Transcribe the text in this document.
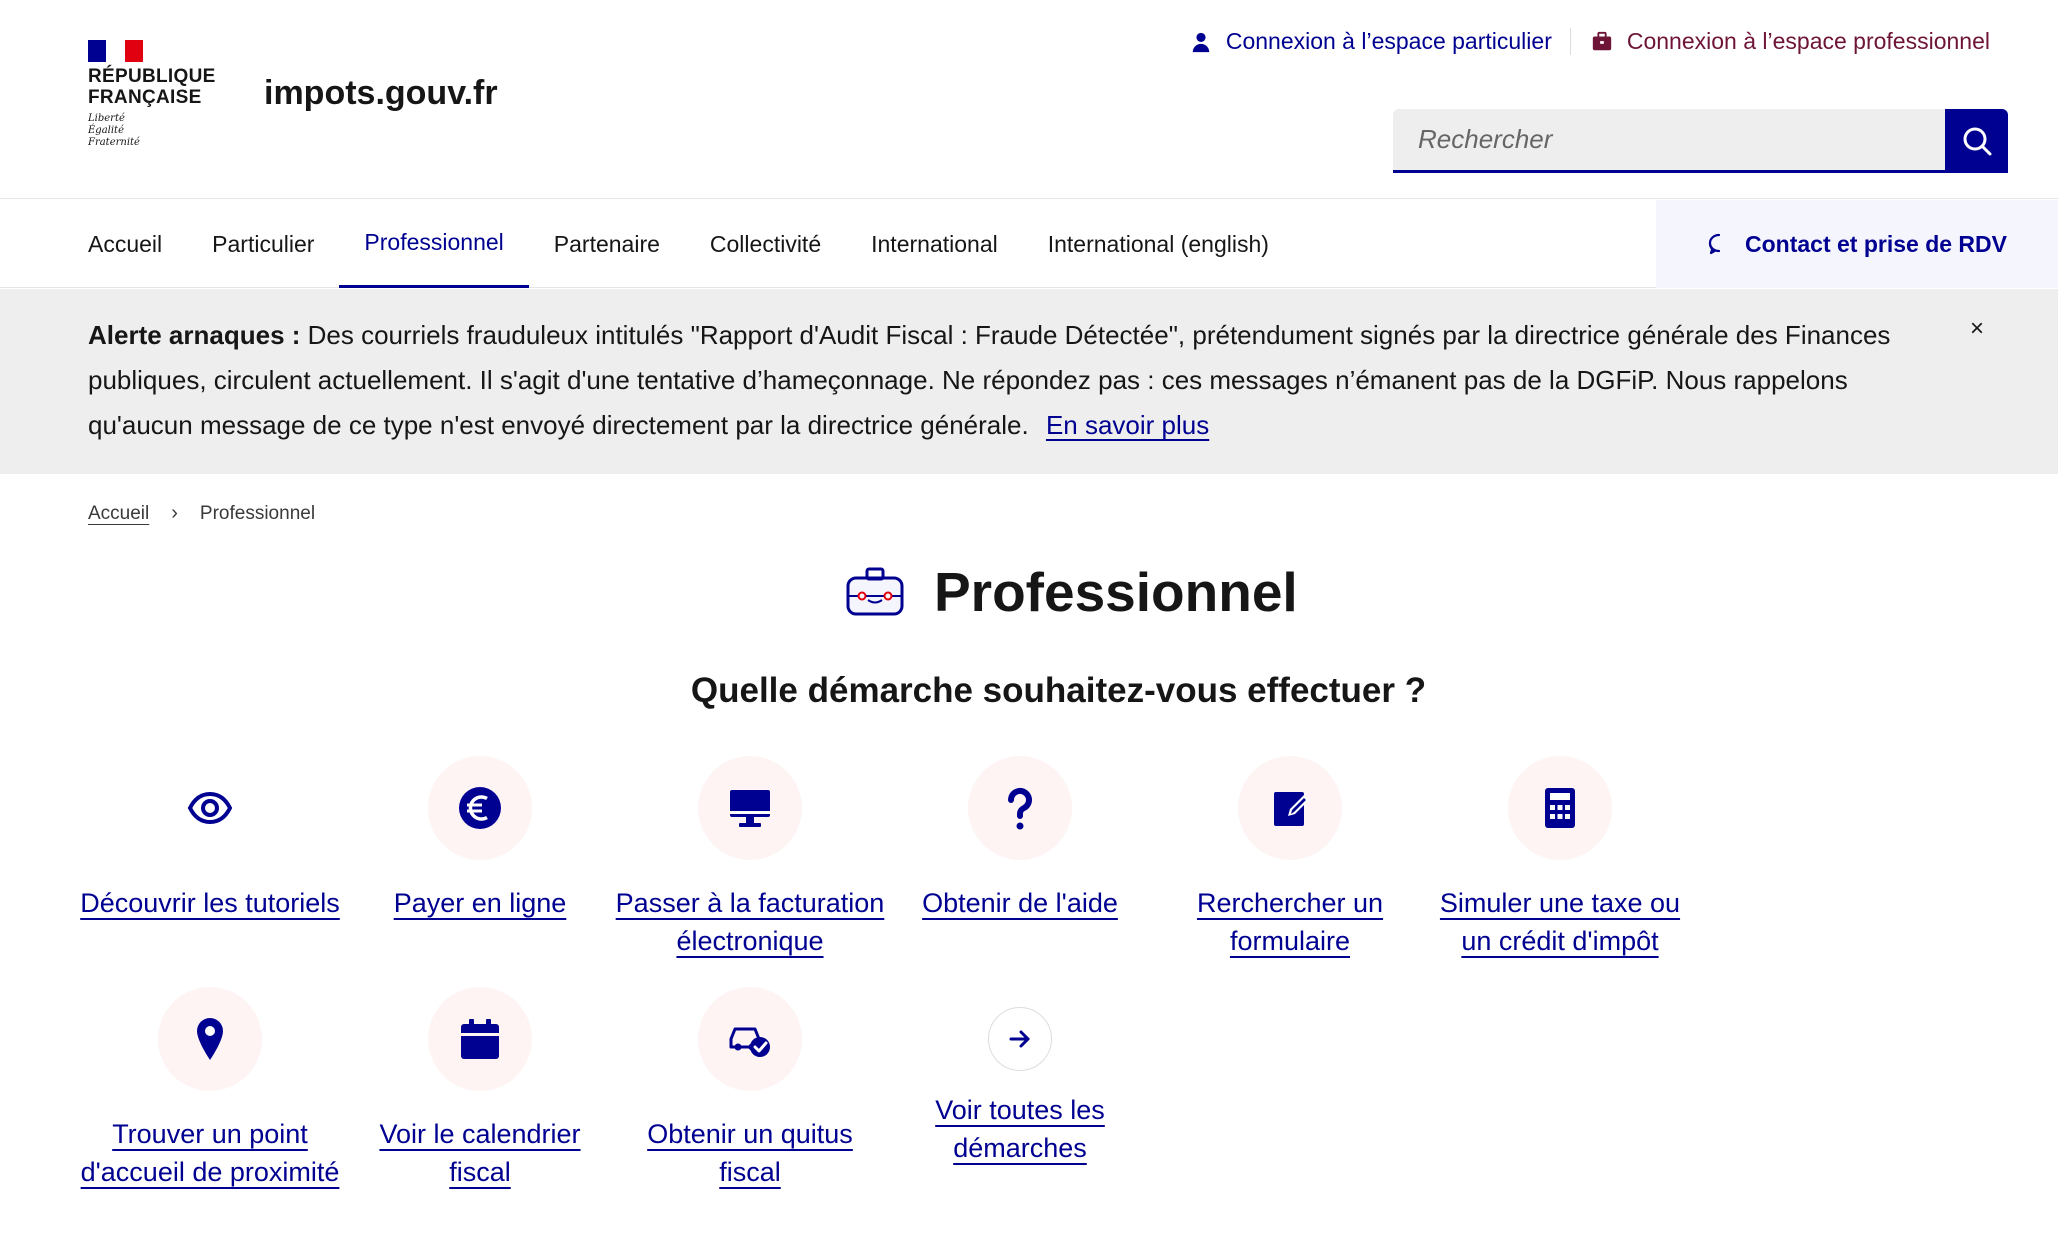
RÉPUBLIQUE
FRANÇAISE
Liberté
Égalité
Fraternité
impots.gouv.fr
Connexion à l’espace particulier	Connexion à l’espace professionnel
Rechercher
Accueil	Particulier	Professionnel	Partenaire	Collectivité	International	International (english)	Contact et prise de RDV

Alerte arnaques : Des courriels frauduleux intitulés "Rapport d'Audit Fiscal : Fraude Détectée", prétendument signés par la directrice générale des Finances publiques, circulent actuellement. Il s'agit d'une tentative d’hameçonnage. Ne répondez pas : ces messages n’émanent pas de la DGFiP. Nous rappelons qu'aucun message de ce type n'est envoyé directement par la directrice générale. En savoir plus

×
Accueil › Professionnel
Professionnel
Quelle démarche souhaitez-vous effectuer ?
Découvrir les tutoriels	Payer en ligne	Passer à la facturation électronique
Obtenir de l'aide	Rerchercher un formulaire
Simuler une taxe ou un crédit d'impôt
Trouver un point d'accueil de proximité
Voir le calendrier fiscal
Obtenir un quitus fiscal
Voir toutes les démarches
